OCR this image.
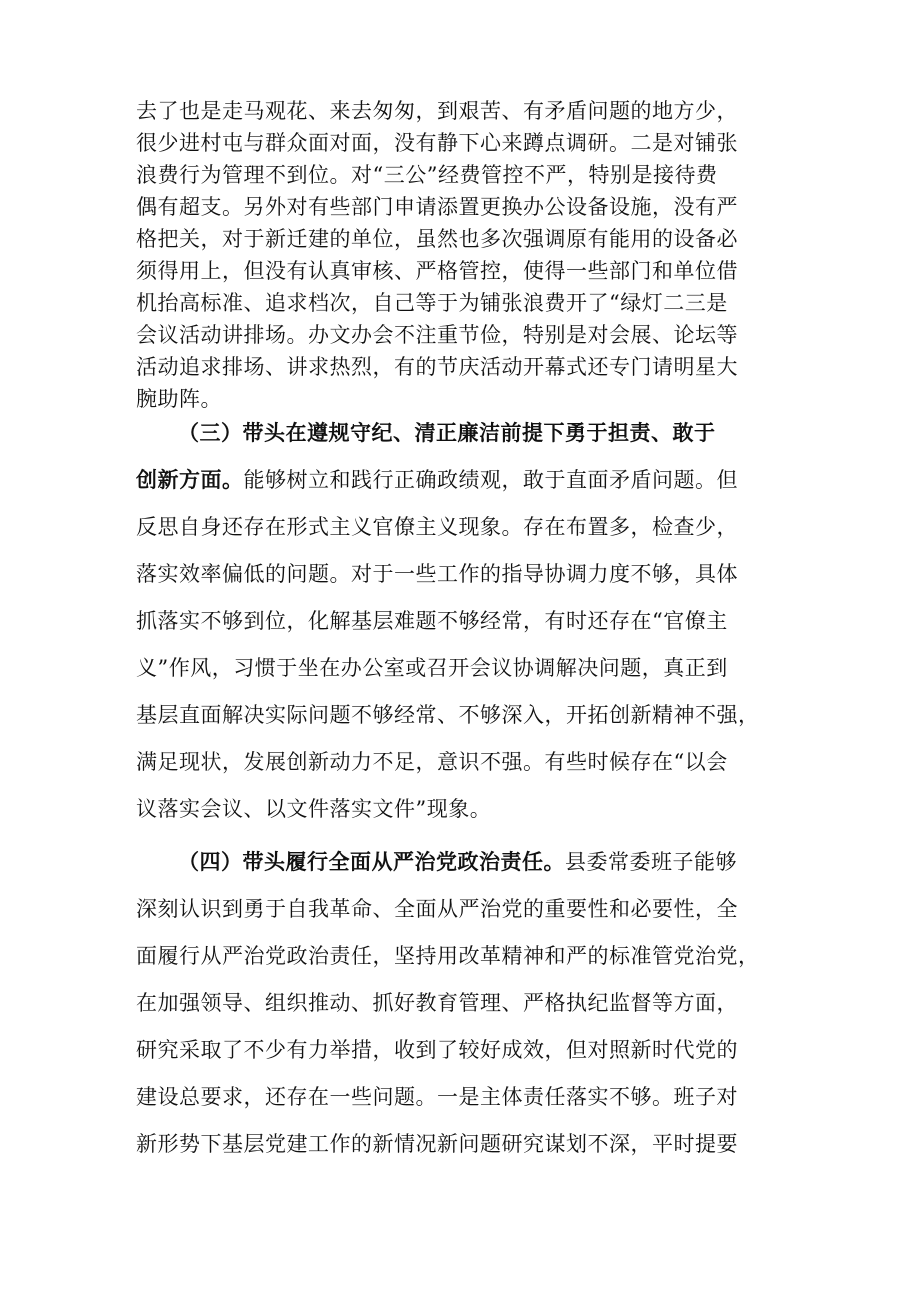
去了也是走马观花、来去匆匆，到艰苦、有矛盾问题的地方少，
很少进村屯与群众面对面，没有静下心来蹲点调研。二是对铺张
浪费行为管理不到位。对“三公”经费管控不严，特别是接待费
偶有超支。另外对有些部门申请添置更换办公设备设施，没有严
格把关，对于新迁建的单位，虽然也多次强调原有能用的设备必
须得用上，但没有认真审核、严格管控，使得一些部门和单位借
机抬高标准、追求档次，自己等于为铺张浪费开了“绿灯二三是
会议活动讲排场。办文办会不注重节俭，特别是对会展、论坛等
活动追求排场、讲求热烈，有的节庆活动开幕式还专门请明星大
腕助阵。
（三）带头在遵规守纪、清正廉洁前提下勇于担责、敢于
创新方面。能够树立和践行正确政绩观，敢于直面矛盾问题。但
反思自身还存在形式主义官僚主义现象。存在布置多，检查少，
落实效率偏低的问题。对于一些工作的指导协调力度不够，具体
抓落实不够到位，化解基层难题不够经常，有时还存在“官僚主
义”作风，习惯于坐在办公室或召开会议协调解决问题，真正到
基层直面解决实际问题不够经常、不够深入，开拓创新精神不强，
满足现状，发展创新动力不足，意识不强。有些时候存在“以会
议落实会议、以文件落实文件”现象。
（四）带头履行全面从严治党政治责任。县委常委班子能够
深刻认识到勇于自我革命、全面从严治党的重要性和必要性，全
面履行从严治党政治责任，坚持用改革精神和严的标准管党治党，
在加强领导、组织推动、抓好教育管理、严格执纪监督等方面，
研究采取了不少有力举措，收到了较好成效，但对照新时代党的
建设总要求，还存在一些问题。一是主体责任落实不够。班子对
新形势下基层党建工作的新情况新问题研究谋划不深，平时提要
